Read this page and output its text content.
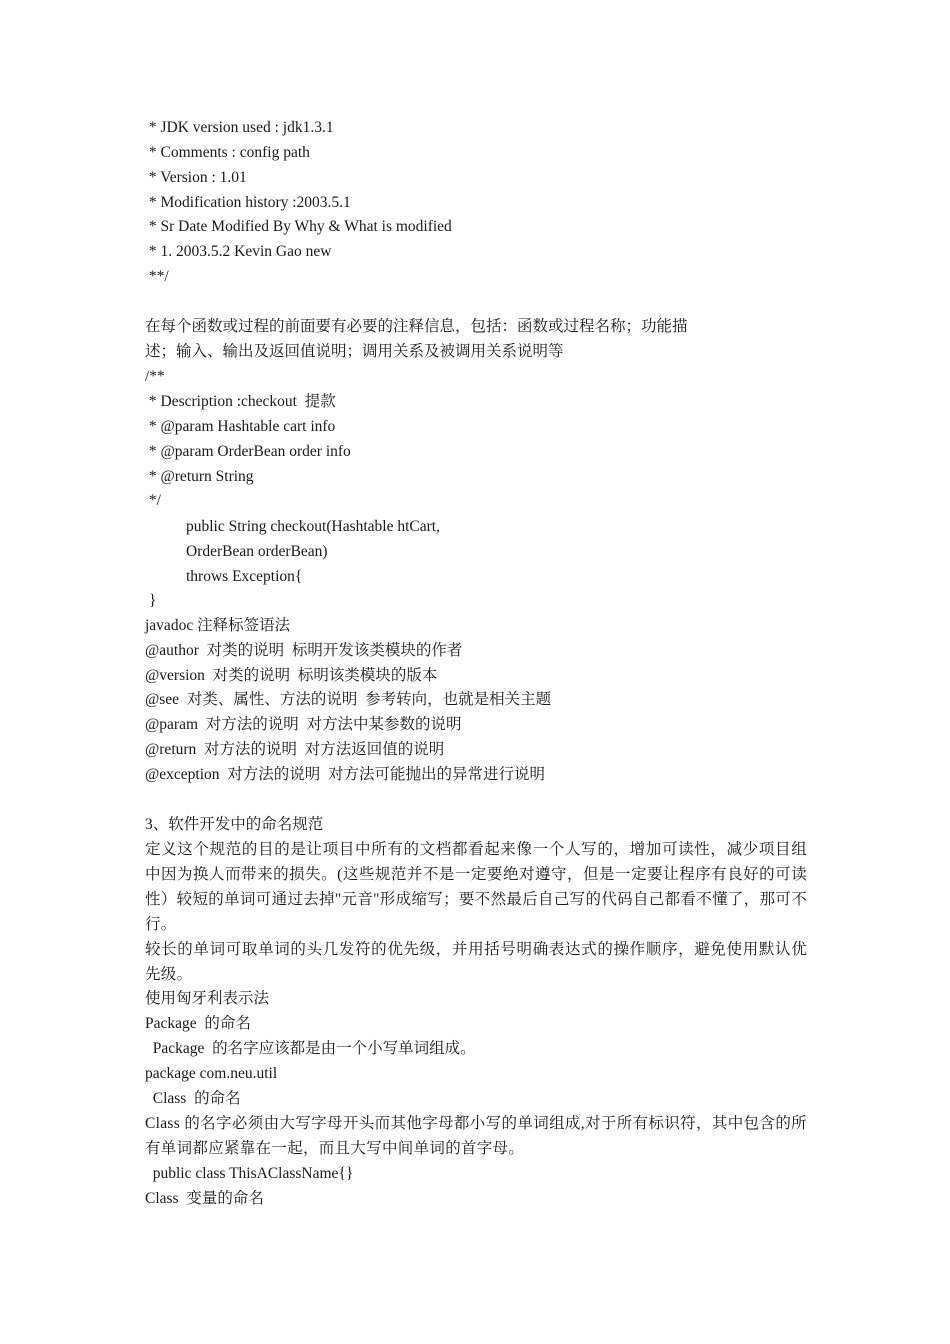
* JDK version used : jdk1.3.1
* Comments : config path
* Version : 1.01
* Modification history :2003.5.1
* Sr Date Modified By Why & What is modified
* 1. 2003.5.2 Kevin Gao new
**/
在每个函数或过程的前面要有必要的注释信息，包括：函数或过程名称；功能描
述；输入、输出及返回值说明；调用关系及被调用关系说明等
/**
* Description :checkout  提款
* @param Hashtable cart info
* @param OrderBean order info
* @return String
*/
public String checkout(Hashtable htCart,
OrderBean orderBean)
throws Exception{
}
javadoc 注释标签语法
@author  对类的说明  标明开发该类模块的作者
@version  对类的说明  标明该类模块的版本
@see  对类、属性、方法的说明  参考转向，也就是相关主题
@param  对方法的说明  对方法中某参数的说明
@return  对方法的说明  对方法返回值的说明
@exception  对方法的说明  对方法可能抛出的异常进行说明
3、软件开发中的命名规范
定义这个规范的目的是让项目中所有的文档都看起来像一个人写的，增加可读性，减少项目组中因为换人而带来的损失。(这些规范并不是一定要绝对遵守，但是一定要让程序有良好的可读性）较短的单词可通过去掉"元音"形成缩写；要不然最后自己写的代码自己都看不懂了，那可不行。
较长的单词可取单词的头几发符的优先级，并用括号明确表达式的操作顺序，避免使用默认优先级。
使用匈牙利表示法
Package  的命名
Package  的名字应该都是由一个小写单词组成。
package com.neu.util
Class  的命名
Class 的名字必须由大写字母开头而其他字母都小写的单词组成,对于所有标识符，其中包含的所有单词都应紧靠在一起，而且大写中间单词的首字母。
public class ThisAClassName{}
Class  变量的命名
